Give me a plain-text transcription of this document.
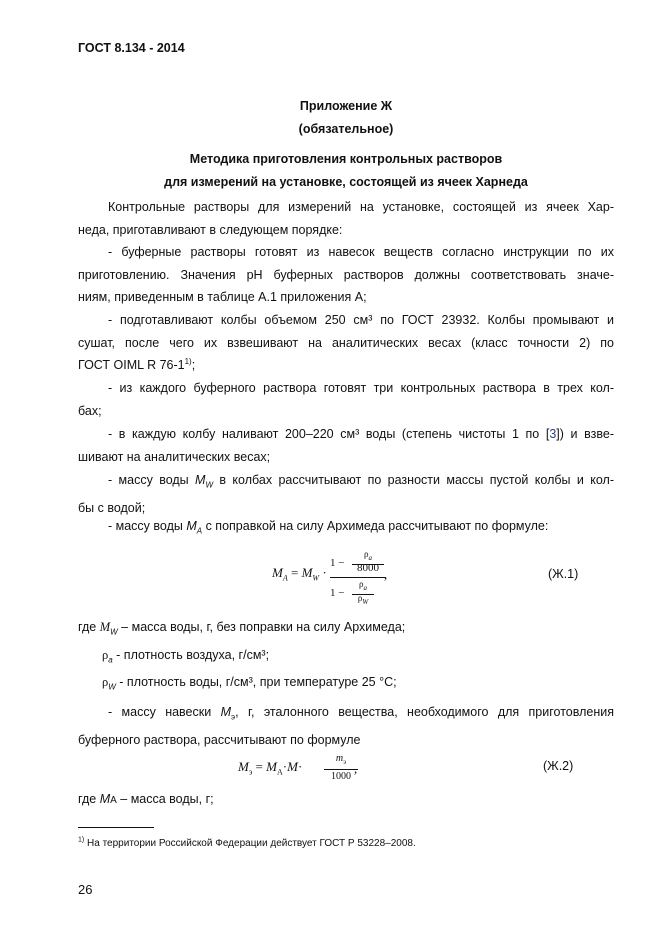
ГОСТ 8.134 - 2014
Приложение Ж
(обязательное)
Методика приготовления контрольных растворов
для измерений на установке, состоящей из ячеек Харнеда
Контрольные растворы для измерений на установке, состоящей из ячеек Хар-
неда, приготавливают в следующем порядке:
- буферные растворы готовят из навесок веществ согласно инструкции по их
приготовлению. Значения pH буферных растворов должны соответствовать значе-
ниям, приведенным в таблице А.1 приложения А;
- подготавливают колбы объемом 250 см³ по ГОСТ 23932. Колбы промывают и
сушат, после чего их взвешивают на аналитических весах (класс точности 2) по
ГОСТ OIML R 76-1$^{1)}$;
- из каждого буферного раствора готовят три контрольных раствора в трех кол-
бах;
- в каждую колбу наливают 200–220 см³ воды (степень чистоты 1 по [3]) и взве-
шивают на аналитических весах;
- массу воды $M_W$ в колбах рассчитывают по разности массы пустой колбы и кол-
бы с водой;
- массу воды $M_A$ с поправкой на силу Архимеда рассчитывают по формуле:
$M_A = M_W \cdot 1$ −
$\rho_a$
8000
1 −
$\rho_a$
$\rho_W$
,	(Ж.1)
где $M_W$ – масса воды, г, без поправки на силу Архимеда;
$\rho_a$ - плотность воздуха, г/см³;
$\rho_W$ - плотность воды, г/см³, при температуре 25 °С;
- массу навески $M_э$, г, эталонного вещества, необходимого для приготовления
буферного раствора, рассчитывают по формуле
$M_э = M_A\cdot M\cdot$
$m_э$
1000
,	(Ж.2)
где MA – масса воды, г;
$^{1)}$ На территории Российской Федерации действует ГОСТ Р 53228–2008.
26
